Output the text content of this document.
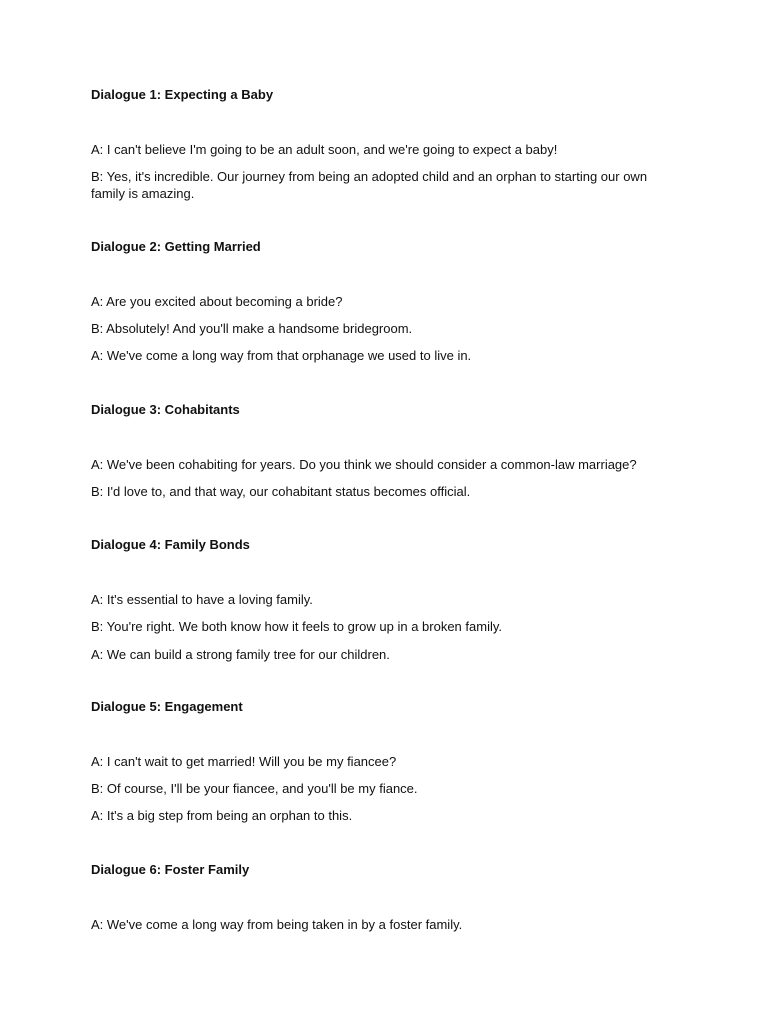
Dialogue 1: Expecting a Baby

A: I can't believe I'm going to be an adult soon, and we're going to expect a baby!

B: Yes, it's incredible. Our journey from being an adopted child and an orphan to starting our own family is amazing.

Dialogue 2: Getting Married

A: Are you excited about becoming a bride?

B: Absolutely! And you'll make a handsome bridegroom.

A: We've come a long way from that orphanage we used to live in.

Dialogue 3: Cohabitants

A: We've been cohabiting for years. Do you think we should consider a common-law marriage?

B: I'd love to, and that way, our cohabitant status becomes official.

Dialogue 4: Family Bonds

A: It's essential to have a loving family.

B: You're right. We both know how it feels to grow up in a broken family.

A: We can build a strong family tree for our children.

Dialogue 5: Engagement

A: I can't wait to get married! Will you be my fiancee?

B: Of course, I'll be your fiancee, and you'll be my fiance.

A: It's a big step from being an orphan to this.

Dialogue 6: Foster Family

A: We've come a long way from being taken in by a foster family.
